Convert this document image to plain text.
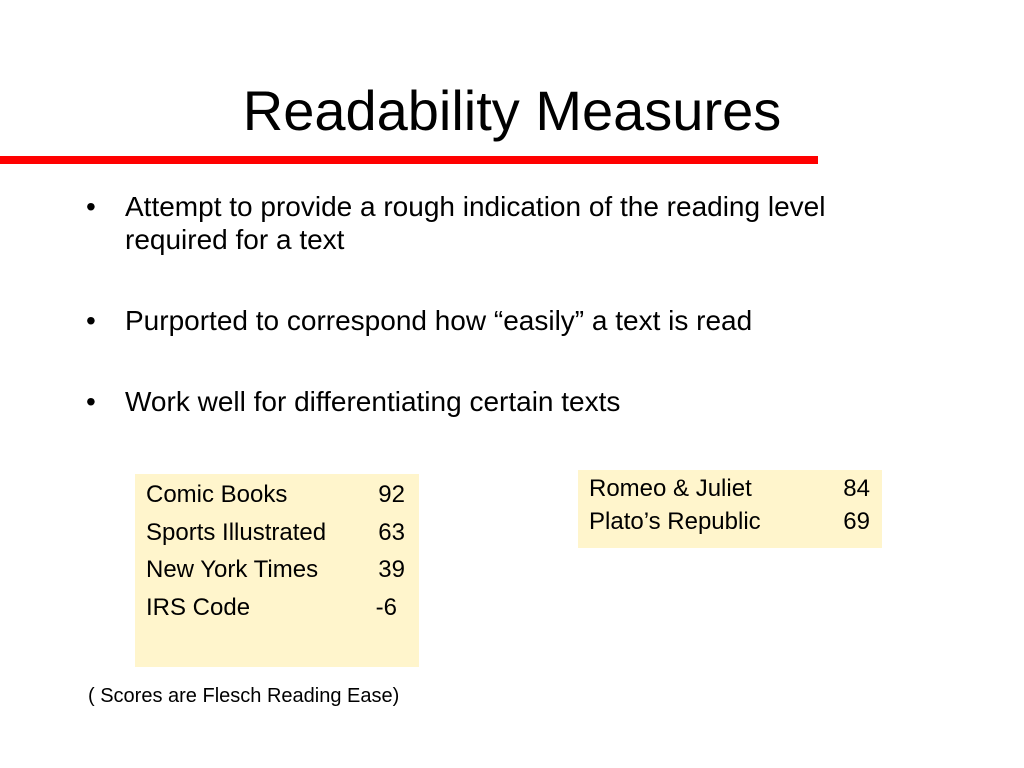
Readability Measures
• Attempt to provide a rough indication of the reading level required for a text
• Purported to correspond how “easily” a text is read
• Work well for differentiating certain texts
Comic Books	92
Sports Illustrated 63
New York Times	39
IRS Code	-6
Romeo & Juliet	84
Plato’s Republic	69
( Scores are Flesch Reading Ease)
